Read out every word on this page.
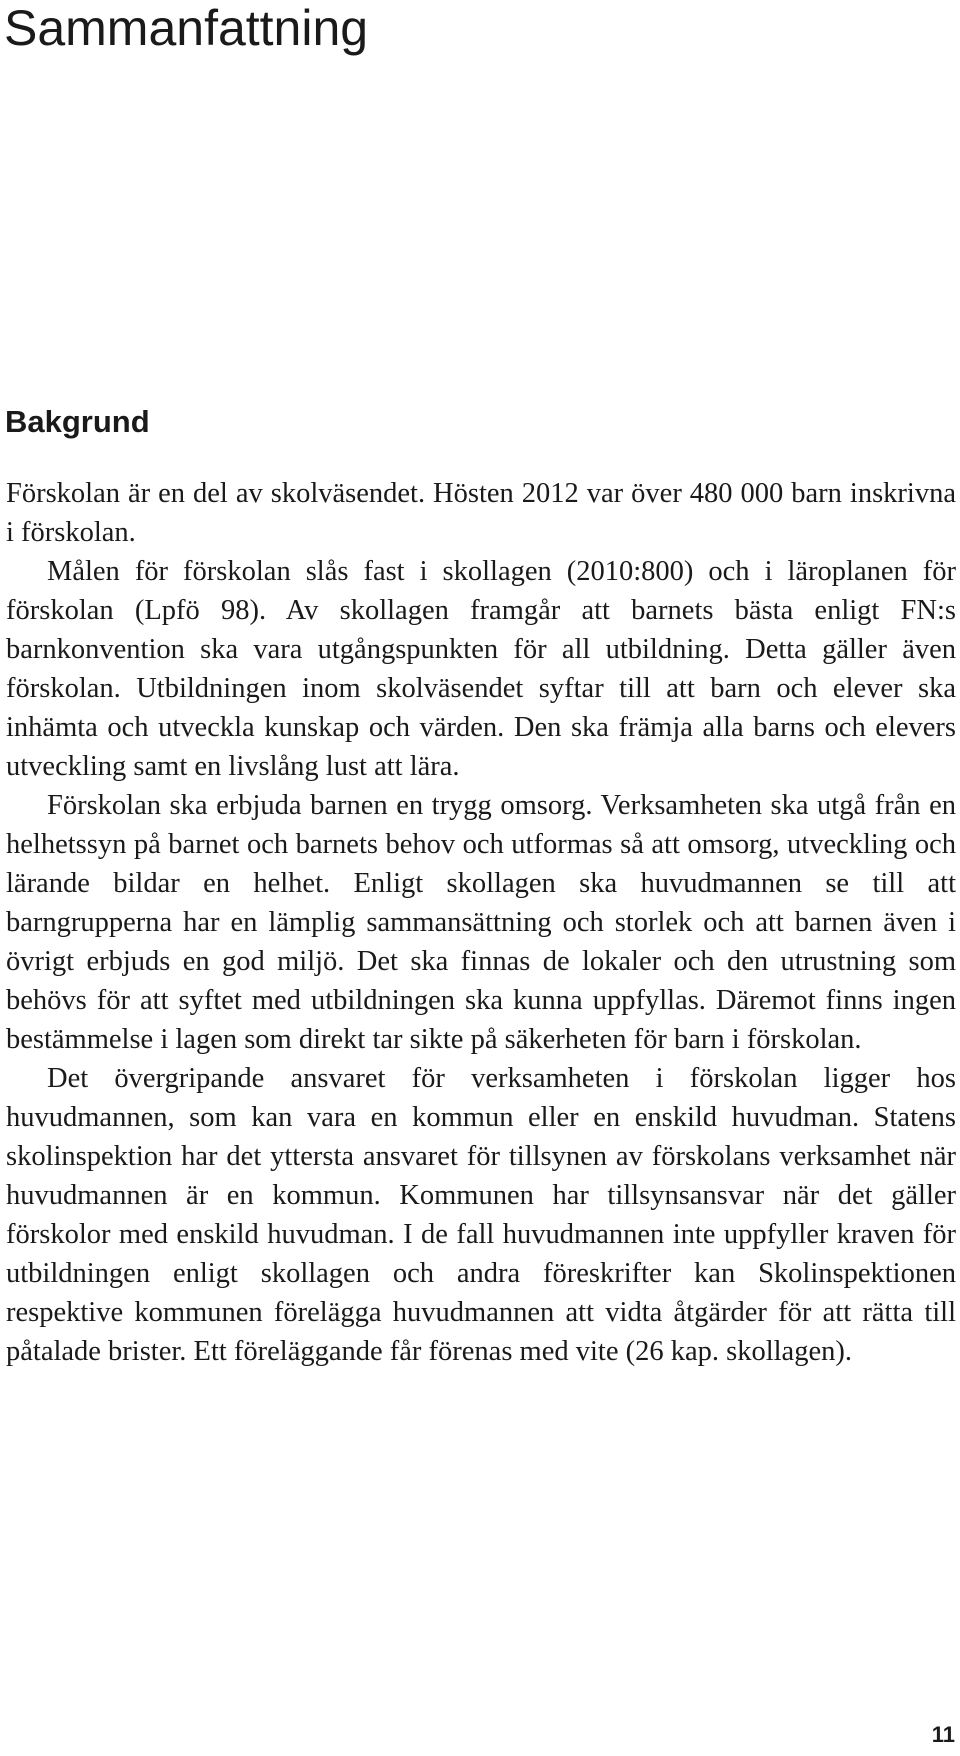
Sammanfattning
Bakgrund

Förskolan är en del av skolväsendet. Hösten 2012 var över 480 000 barn inskrivna i förskolan.

Målen för förskolan slås fast i skollagen (2010:800) och i läroplanen för förskolan (Lpfö 98). Av skollagen framgår att barnets bästa enligt FN:s barnkonvention ska vara utgångspunkten för all utbildning. Detta gäller även förskolan. Utbildningen inom skolväsendet syftar till att barn och elever ska inhämta och utveckla kunskap och värden. Den ska främja alla barns och elevers utveckling samt en livslång lust att lära.

Förskolan ska erbjuda barnen en trygg omsorg. Verksamheten ska utgå från en helhetssyn på barnet och barnets behov och utformas så att omsorg, utveckling och lärande bildar en helhet. Enligt skollagen ska huvudmannen se till att barngrupperna har en lämplig sammansättning och storlek och att barnen även i övrigt erbjuds en god miljö. Det ska finnas de lokaler och den utrustning som behövs för att syftet med utbildningen ska kunna uppfyllas. Däremot finns ingen bestämmelse i lagen som direkt tar sikte på säkerheten för barn i förskolan.

Det övergripande ansvaret för verksamheten i förskolan ligger hos huvudmannen, som kan vara en kommun eller en enskild huvudman. Statens skolinspektion har det yttersta ansvaret för tillsynen av förskolans verksamhet när huvudmannen är en kommun. Kommunen har tillsynsansvar när det gäller förskolor med enskild huvudman. I de fall huvudmannen inte uppfyller kraven för utbildningen enligt skollagen och andra föreskrifter kan Skolinspektionen respektive kommunen förelägga huvudmannen att vidta åtgärder för att rätta till påtalade brister. Ett föreläggande får förenas med vite (26 kap. skollagen).

11
